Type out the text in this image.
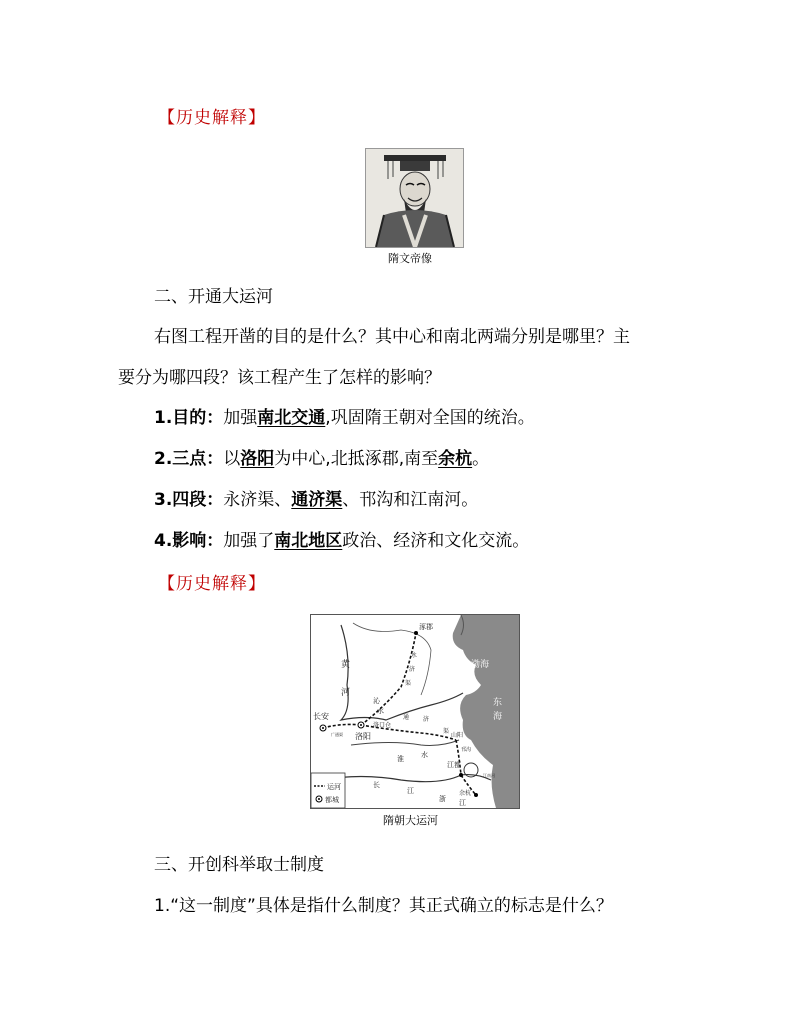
【历史解释】
隋文帝像
二、开通大运河
右图工程开凿的目的是什么？其中心和南北两端分别是哪里？主
要分为哪四段？该工程产生了怎样的影响？
1.目的：加强南北交通,巩固隋王朝对全国的统治。
2.三点：以洛阳为中心,北抵涿郡,南至余杭。
3.四段：永济渠、通济渠、邗沟和江南河。
4.影响：加强了南北地区政治、经济和文化交流。
【历史解释】
涿郡
渤海
东
海
黄
河
长安
洛阳
洛口仓
沁
水
永
济
渠
通 济
渠
淮 水
山阳
邗沟
江都
长
江	余杭
浙 江
广通渠
江南河
运河
都城
隋朝大运河
三、开创科举取士制度
1.“这一制度”具体是指什么制度？其正式确立的标志是什么？
